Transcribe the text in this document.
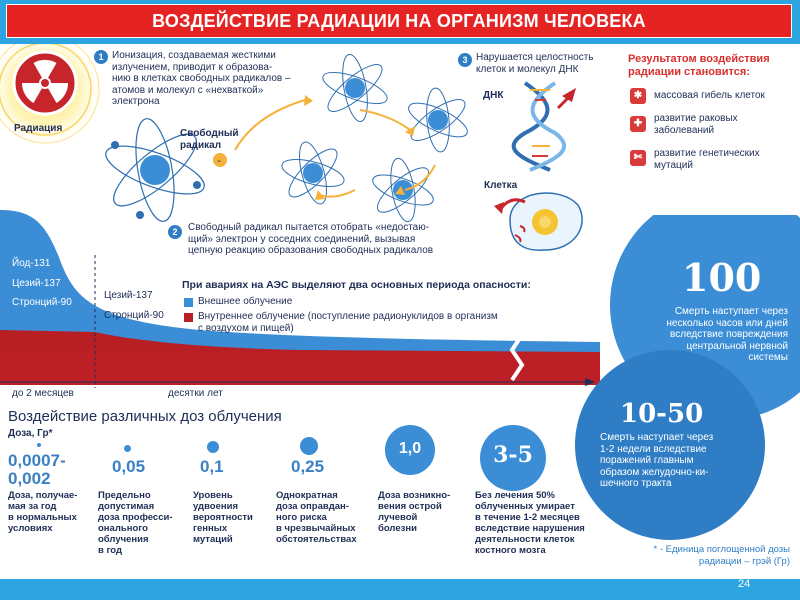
ВОЗДЕЙСТВИЕ РАДИАЦИИ НА ОРГАНИЗМ ЧЕЛОВЕКА
Радиация
-
1 Ионизация, создаваемая жесткими
излучением, приводит к образова-
нию в клетках свободных радикалов –
атомов и молекул с «нехваткой»
электрона
Свободный
радикал
2	Свободный радикал пытается отобрать «недостаю-
щий» электрон у соседних соединений, вызывая
цепную реакцию образования свободных радикалов
3 Нарушается целостность
клеток и молекул ДНК
ДНК
Клетка
Результатом воздействия
радиации становится:
✱	массовая гибель клеток
✚	развитие раковых
заболеваний
✄	развитие генетических
мутаций
Йод-131
Цезий-137
Стронций-90
Цезий-137
Стронций-90
При авариях на АЭС выделяют два основных периода опасности:
Внешнее облучение
Внутреннее облучение (поступление радионуклидов в организм
с воздухом и пищей)
до 2 месяцев	десятки лет
100
Смерть наступает через
несколько часов или дней
вследствие повреждения
центральной нервной
системы
10-50
Смерть наступает через
1-2 недели вследствие
поражений главным
образом желудочно-ки-
шечного тракта
Воздействие различных доз облучения
Доза, Гр*
0,0007-
0,002
Доза, получае-
мая за год
в нормальных
условиях
0,05
Предельно
допустимая
доза професси-
онального
облучения
в год
0,1
Уровень
удвоения
вероятности
генных
мутаций
0,25
Однократная
доза оправдан-
ного риска
в чрезвычайных
обстоятельствах
1,0
Доза возникно-
вения острой
лучевой
болезни
3-5
Без лечения 50%
облученных умирает
в течение 1-2 месяцев
вследствие нарушения
деятельности клеток
костного мозга	* - Единица поглощенной дозы
радиации – грэй (Гр)
24
